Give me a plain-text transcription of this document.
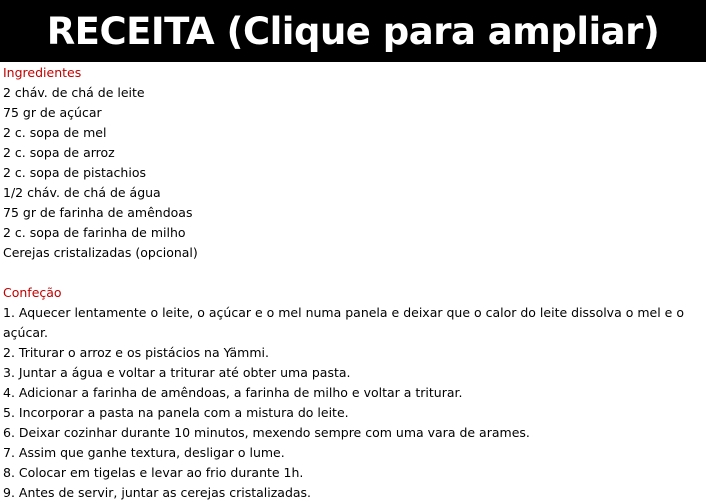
RECEITA (Clique para ampliar)
Ingredientes
2 cháv. de chá de leite
75 gr de açúcar
2 c. sopa de mel
2 c. sopa de arroz
2 c. sopa de pistachios
1/2 cháv. de chá de água
75 gr de farinha de amêndoas
2 c. sopa de farinha de milho
Cerejas cristalizadas (opcional)
Confeção
1. Aquecer lentamente o leite, o açúcar e o mel numa panela e deixar que o calor do leite dissolva o mel e o açúcar.
2. Triturar o arroz e os pistácios na Yämmi.
3. Juntar a água e voltar a triturar até obter uma pasta.
4. Adicionar a farinha de amêndoas, a farinha de milho e voltar a triturar.
5. Incorporar a pasta na panela com a mistura do leite.
6. Deixar cozinhar durante 10 minutos, mexendo sempre com uma vara de arames.
7. Assim que ganhe textura, desligar o lume.
8. Colocar em tigelas e levar ao frio durante 1h.
9. Antes de servir, juntar as cerejas cristalizadas.
